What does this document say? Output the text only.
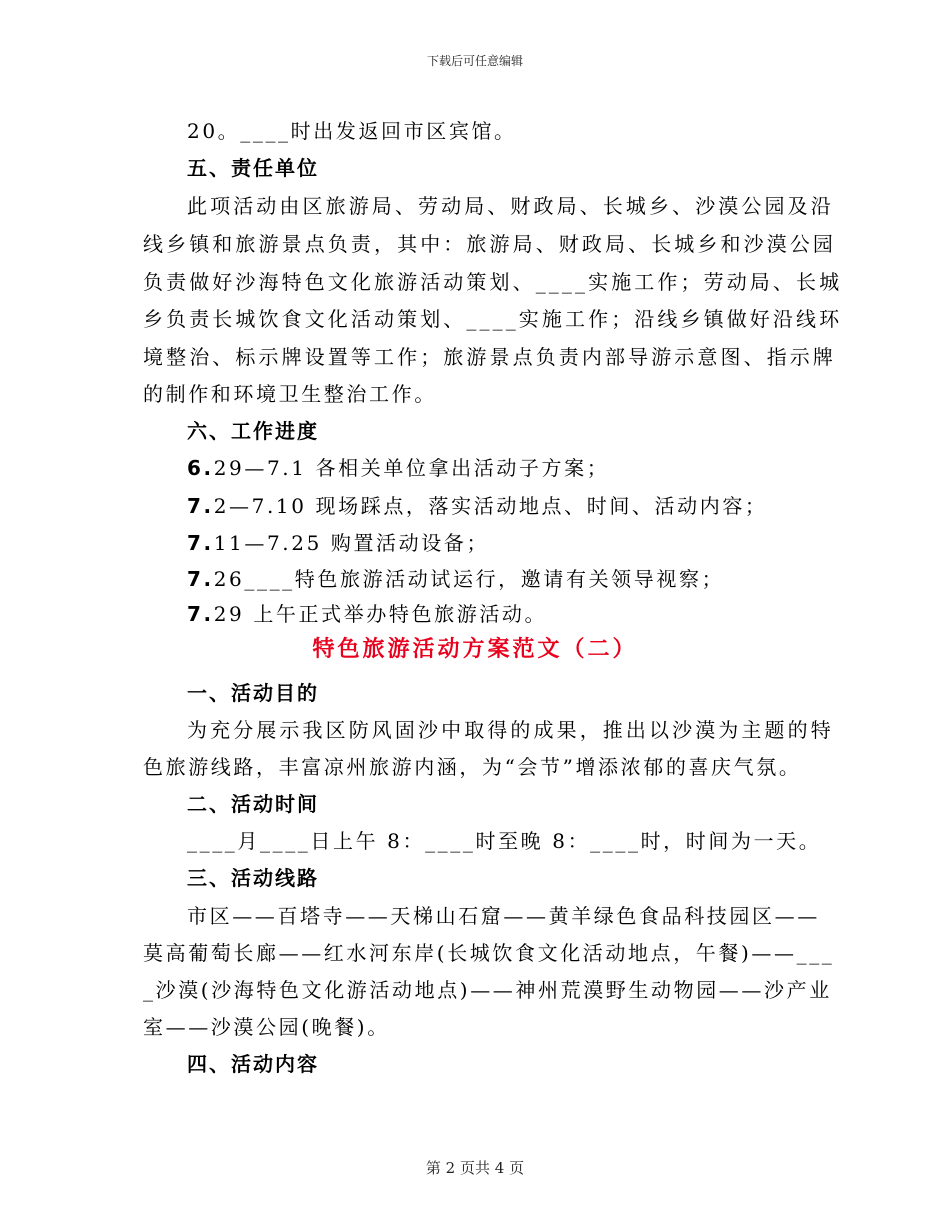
下载后可任意编辑
20。____时出发返回市区宾馆。
五、责任单位
此项活动由区旅游局、劳动局、财政局、长城乡、沙漠公园及沿
线乡镇和旅游景点负责，其中：旅游局、财政局、长城乡和沙漠公园
负责做好沙海特色文化旅游活动策划、____实施工作；劳动局、长城
乡负责长城饮食文化活动策划、____实施工作；沿线乡镇做好沿线环
境整治、标示牌设置等工作；旅游景点负责内部导游示意图、指示牌
的制作和环境卫生整治工作。
六、工作进度
6.29—7.1 各相关单位拿出活动子方案；
7.2—7.10 现场踩点，落实活动地点、时间、活动内容；
7.11—7.25 购置活动设备；
7.26____特色旅游活动试运行，邀请有关领导视察；
7.29 上午正式举办特色旅游活动。
特色旅游活动方案范文（二）
一、活动目的
为充分展示我区防风固沙中取得的成果，推出以沙漠为主题的特
色旅游线路，丰富凉州旅游内涵，为“会节”增添浓郁的喜庆气氛。
二、活动时间
____月____日上午 8：____时至晚 8：____时，时间为一天。
三、活动线路
市区——百塔寺——天梯山石窟——黄羊绿色食品科技园区——
莫高葡萄长廊——红水河东岸(长城饮食文化活动地点，午餐)——___
_沙漠(沙海特色文化游活动地点)——神州荒漠野生动物园——沙产业
室——沙漠公园(晚餐)。
四、活动内容
第 2 页共 4 页
